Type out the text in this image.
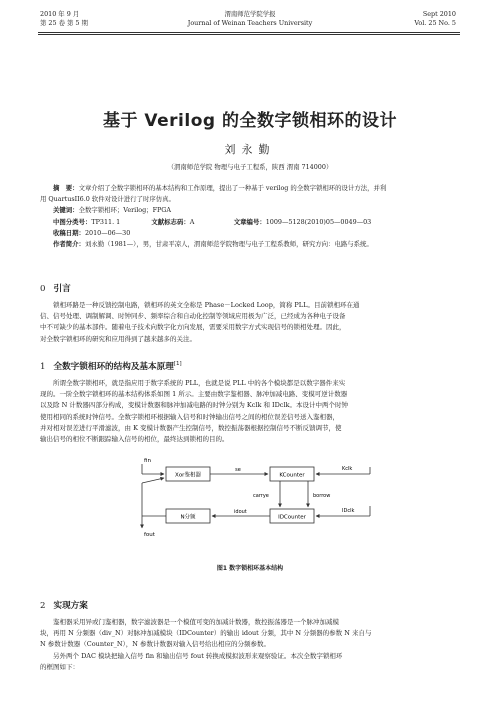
2010 年 9 月
第 25 卷 第 5 期
渭南师范学院学报
Journal of Weinan Teachers University
Sept 2010
Vol. 25 No. 5
基于 Verilog 的全数字锁相环的设计
刘永勤
（渭南师范学院 物理与电子工程系，陕西 渭南 714000）
摘　要：文章介绍了全数字锁相环的基本结构和工作原理，提出了一种基于 verilog 的全数字锁相环的设计方法，并利
用 QuartusII6.0 软件对设计进行了时序仿真。
关键词：全数字锁相环；Verilog；FPGA
中图分类号：TP311. 1	文献标志码：A	文章编号：1009—5128(2010)05—0049—03
收稿日期：2010—06—30
作者简介：刘永勤（1981—），男，甘肃平凉人，渭南师范学院物理与电子工程系教师，研究方向：电路与系统。
0 引言
锁相环路是一种反馈控制电路，锁相环的英文全称是 Phase－Locked Loop，简称 PLL。目前锁相环在通
信、信号处理、调制解调、时钟同步、频率综合和自动化控制等领域应用极为广泛，已经成为各种电子设备
中不可缺少的基本部件。随着电子技术向数字化方向发展，需要采用数字方式实现信号的锁相处理。因此，
对全数字锁相环的研究和应用得到了越来越多的关注。
1 全数字锁相环的结构及基本原理[1]
所谓全数字锁相环，就是指应用于数字系统的 PLL，也就是说 PLL 中的各个模块都是以数字器件来实
现的。一阶全数字锁相环的基本结构体系如图 1 所示。主要由数字鉴相器、脉冲加减电路、变模可逆计数器
以及除 N 计数器四部分构成，变模计数器和脉冲加减电路的时钟分别为 Kclk 和 IDclk。本设计中两个时钟
使用相同的系统时钟信号。全数字锁相环根据输入信号和时钟输出信号之间的相位误差信号送入鉴相器，
并对相对误差进行平滑滤波，由 K 变模计数器产生控制信号，数控振荡器根据控制信号不断反馈调节，使
输出信号的相位不断跟踪输入信号的相位，最终达到锁相的目的。
fin
Xor鉴相器
se
KCounter
Kclk
carrye	borrow
IDCounter
IDclk
idout
N分频
fout
图1 数字锁相环基本结构
2 实现方案
鉴相器采用异或门鉴相器，数字滤波器是一个模值可变的加减计数器，数控振荡器是一个脉冲加减模
块，再用 N 分频器（div_N）对脉冲加减模块（IDCounter）的输出 idout 分频，其中 N 分频器的参数 N 来自与
N 参数计数器（Counter_N），N 参数计数器对输入信号给出相应的分频参数。
另外两个 DAC 模块把输入信号 fin 和输出信号 fout 转换成模拟波形来观察验证。本次全数字锁相环
的框图如下：
